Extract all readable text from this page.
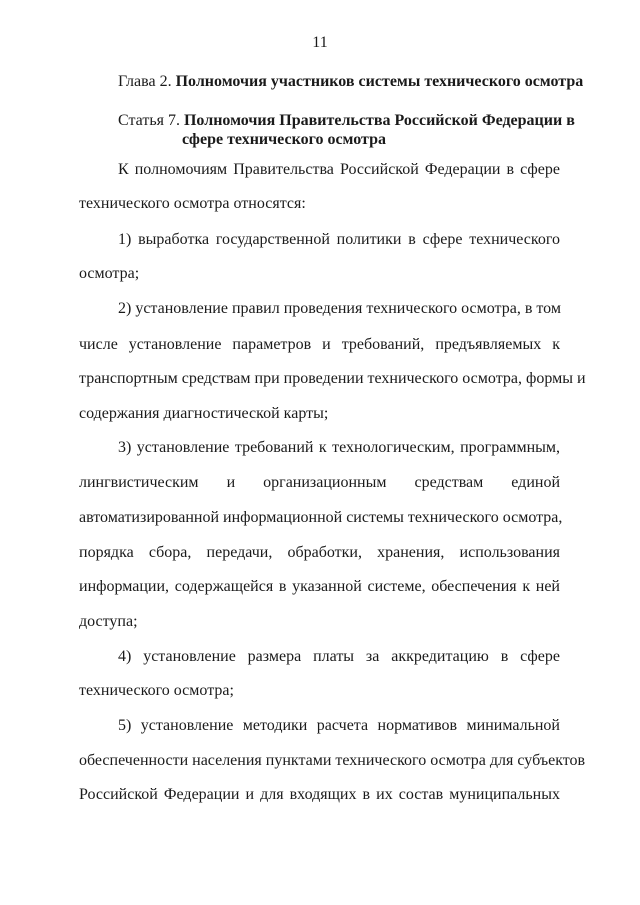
11
Глава 2. Полномочия участников системы технического осмотра
Статья 7. Полномочия Правительства Российской Федерации в
сфере технического осмотра
К полномочиям Правительства Российской Федерации в сфере
технического осмотра относятся:
1) выработка государственной политики в сфере технического
осмотра;
2) установление правил проведения технического осмотра, в том
числе установление параметров и требований, предъявляемых к
транспортным средствам при проведении технического осмотра, формы и
содержания диагностической карты;
3) установление требований к технологическим, программным,
лингвистическим и организационным средствам единой
автоматизированной информационной системы технического осмотра,
порядка сбора, передачи, обработки, хранения, использования
информации, содержащейся в указанной системе, обеспечения к ней
доступа;
4) установление размера платы за аккредитацию в сфере
технического осмотра;
5) установление методики расчета нормативов минимальной
обеспеченности населения пунктами технического осмотра для субъектов
Российской Федерации и для входящих в их состав муниципальных
